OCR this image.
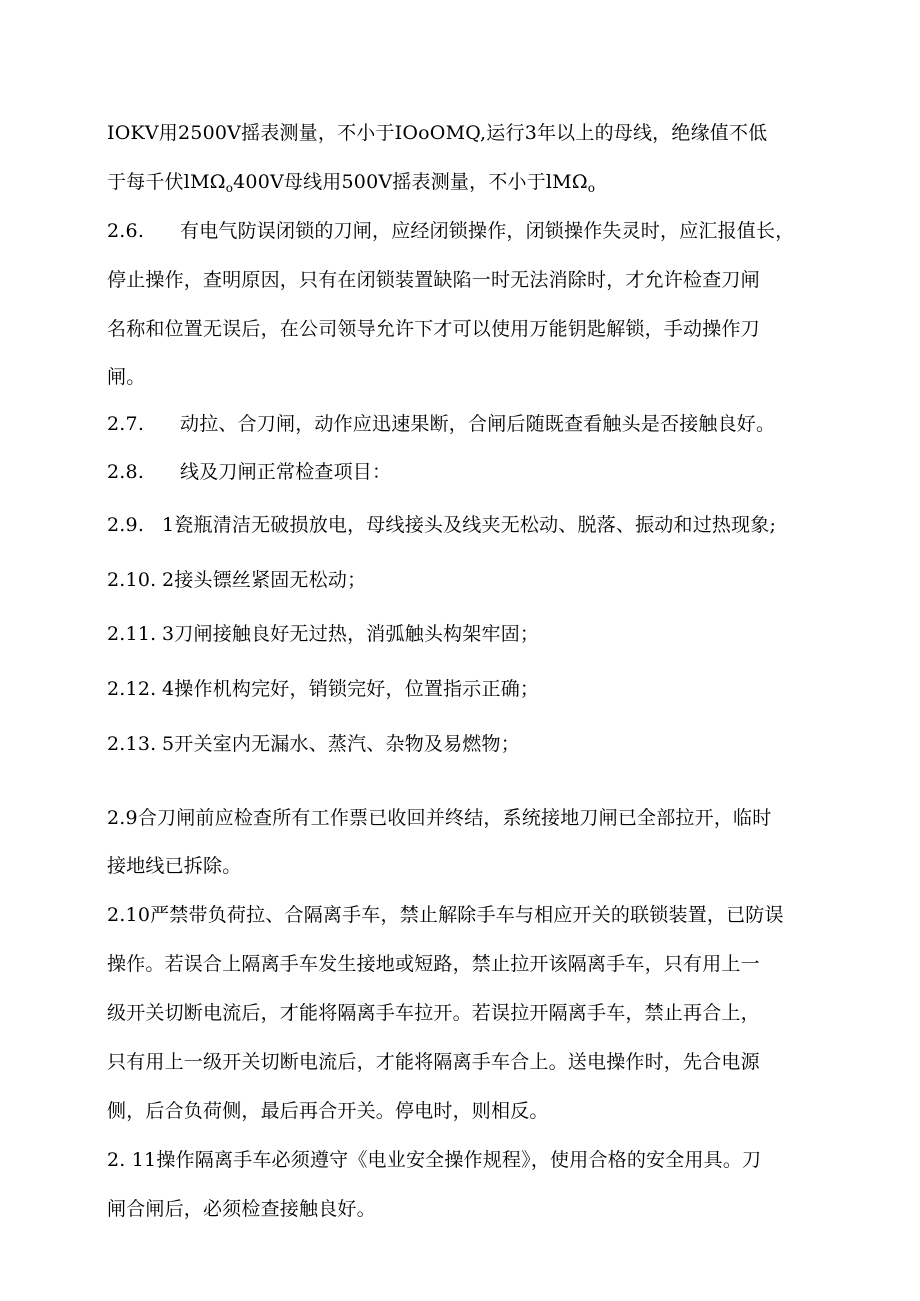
IOKV用2500V摇表测量，不小于IOoOMQ,运行3年以上的母线，绝缘值不低
于每千伏lMΩ$_o$400V母线用500V摇表测量，不小于lMΩ$_o$
2.6. 有电气防误闭锁的刀闸，应经闭锁操作，闭锁操作失灵时，应汇报值长，
停止操作，查明原因，只有在闭锁装置缺陷一时无法消除时，才允许检查刀闸
名称和位置无误后，在公司领导允许下才可以使用万能钥匙解锁，手动操作刀
闸。
2.7. 动拉、合刀闸，动作应迅速果断，合闸后随既查看触头是否接触良好。
2.8. 线及刀闸正常检查项目：
2.9. 1瓷瓶清洁无破损放电，母线接头及线夹无松动、脱落、振动和过热现象;
2.10. 2接头镖丝紧固无松动；
2.11. 3刀闸接触良好无过热，消弧触头构架牢固；
2.12. 4操作机构完好，销锁完好，位置指示正确；
2.13. 5开关室内无漏水、蒸汽、杂物及易燃物；
2.9合刀闸前应检查所有工作票已收回并终结，系统接地刀闸已全部拉开，临时
接地线已拆除。
2.10严禁带负荷拉、合隔离手车，禁止解除手车与相应开关的联锁装置，已防误
操作。若误合上隔离手车发生接地或短路，禁止拉开该隔离手车，只有用上一
级开关切断电流后，才能将隔离手车拉开。若误拉开隔离手车，禁止再合上，
只有用上一级开关切断电流后，才能将隔离手车合上。送电操作时，先合电源
侧，后合负荷侧，最后再合开关。停电时，则相反。
2. 11操作隔离手车必须遵守《电业安全操作规程》，使用合格的安全用具。刀
闸合闸后，必须检查接触良好。
